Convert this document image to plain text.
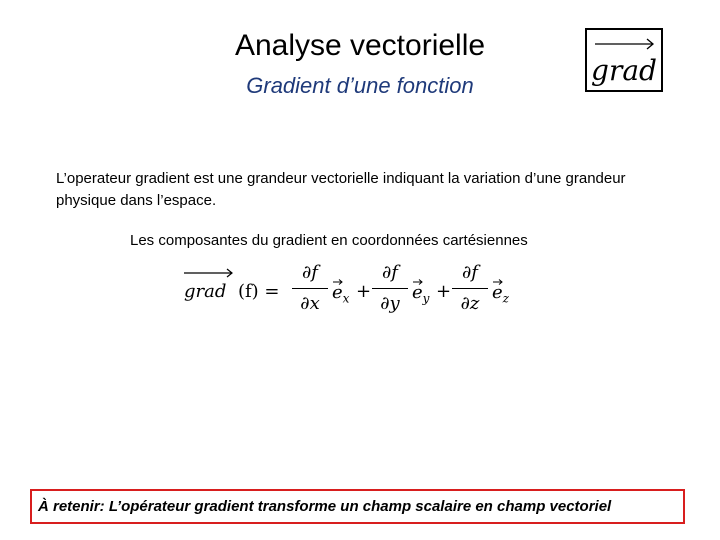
Analyse vectorielle
Gradient d’une fonction	grad
L’operateur gradient est une grandeur vectorielle indiquant la variation d’une grandeur physique dans l’espace.
Les composantes du gradient en coordonnées cartésiennes
grad (f) =
∂f
∂x
$e_x$ +
∂f
∂y
$e_y$ +
∂f
∂z
$e_z$
À retenir: L’opérateur gradient transforme un champ scalaire en champ vectoriel
